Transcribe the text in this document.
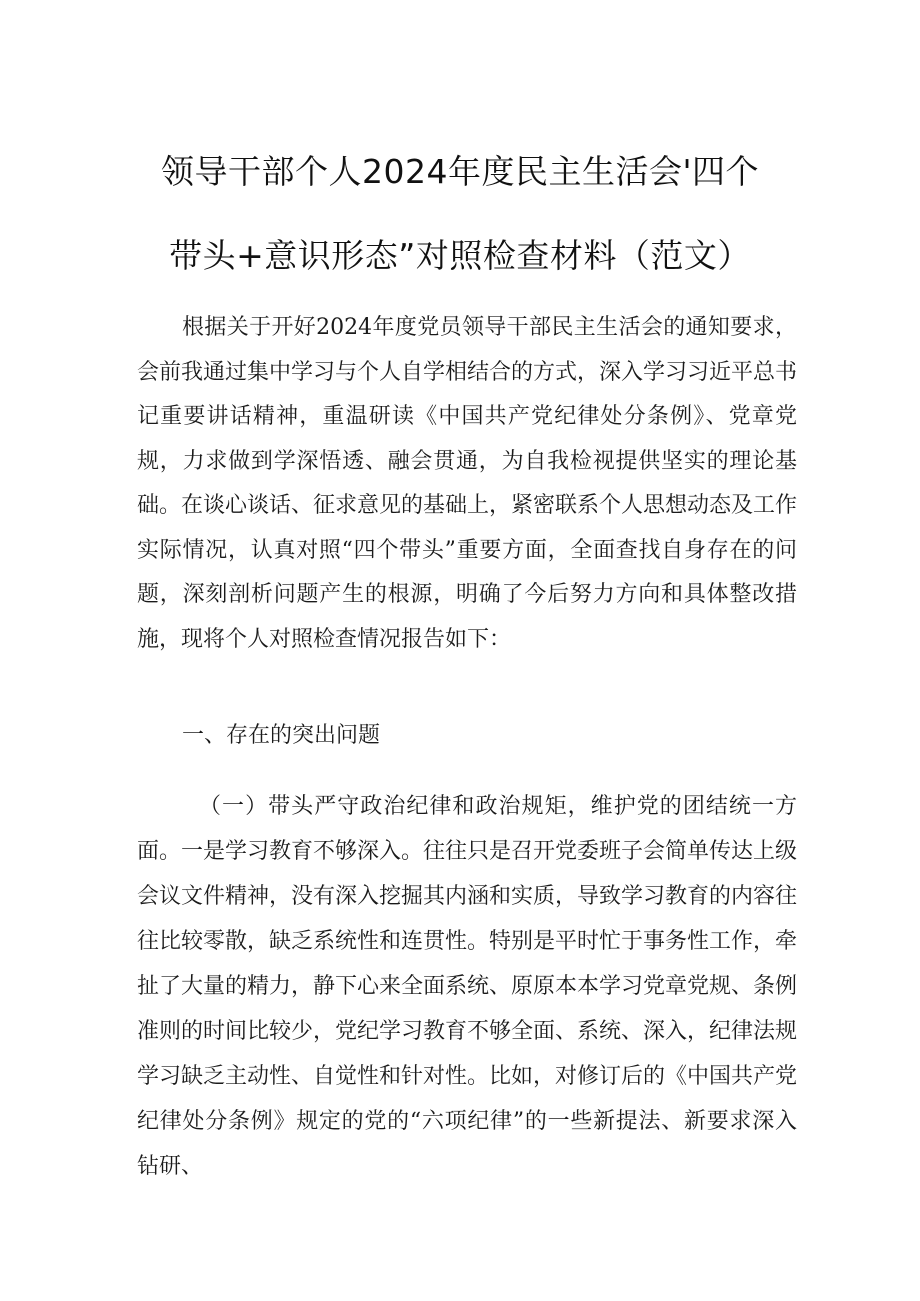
领导干部个人2024年度民主生活会'四个
带头+意识形态”对照检查材料（范文）

根据关于开好2024年度党员领导干部民主生活会的通知要求，会前我通过集中学习与个人自学相结合的方式，深入学习习近平总书记重要讲话精神，重温研读《中国共产党纪律处分条例》、党章党规，力求做到学深悟透、融会贯通，为自我检视提供坚实的理论基础。在谈心谈话、征求意见的基础上，紧密联系个人思想动态及工作实际情况，认真对照“四个带头”重要方面，全面查找自身存在的问题，深刻剖析问题产生的根源，明确了今后努力方向和具体整改措施，现将个人对照检查情况报告如下：

一、存在的突出问题

（一）带头严守政治纪律和政治规矩，维护党的团结统一方面。一是学习教育不够深入。往往只是召开党委班子会简单传达上级会议文件精神，没有深入挖掘其内涵和实质，导致学习教育的内容往往比较零散，缺乏系统性和连贯性。特别是平时忙于事务性工作，牵扯了大量的精力，静下心来全面系统、原原本本学习党章党规、条例准则的时间比较少，党纪学习教育不够全面、系统、深入，纪律法规学习缺乏主动性、自觉性和针对性。比如，对修订后的《中国共产党纪律处分条例》规定的党的“六项纪律”的一些新提法、新要求深入钻研、
